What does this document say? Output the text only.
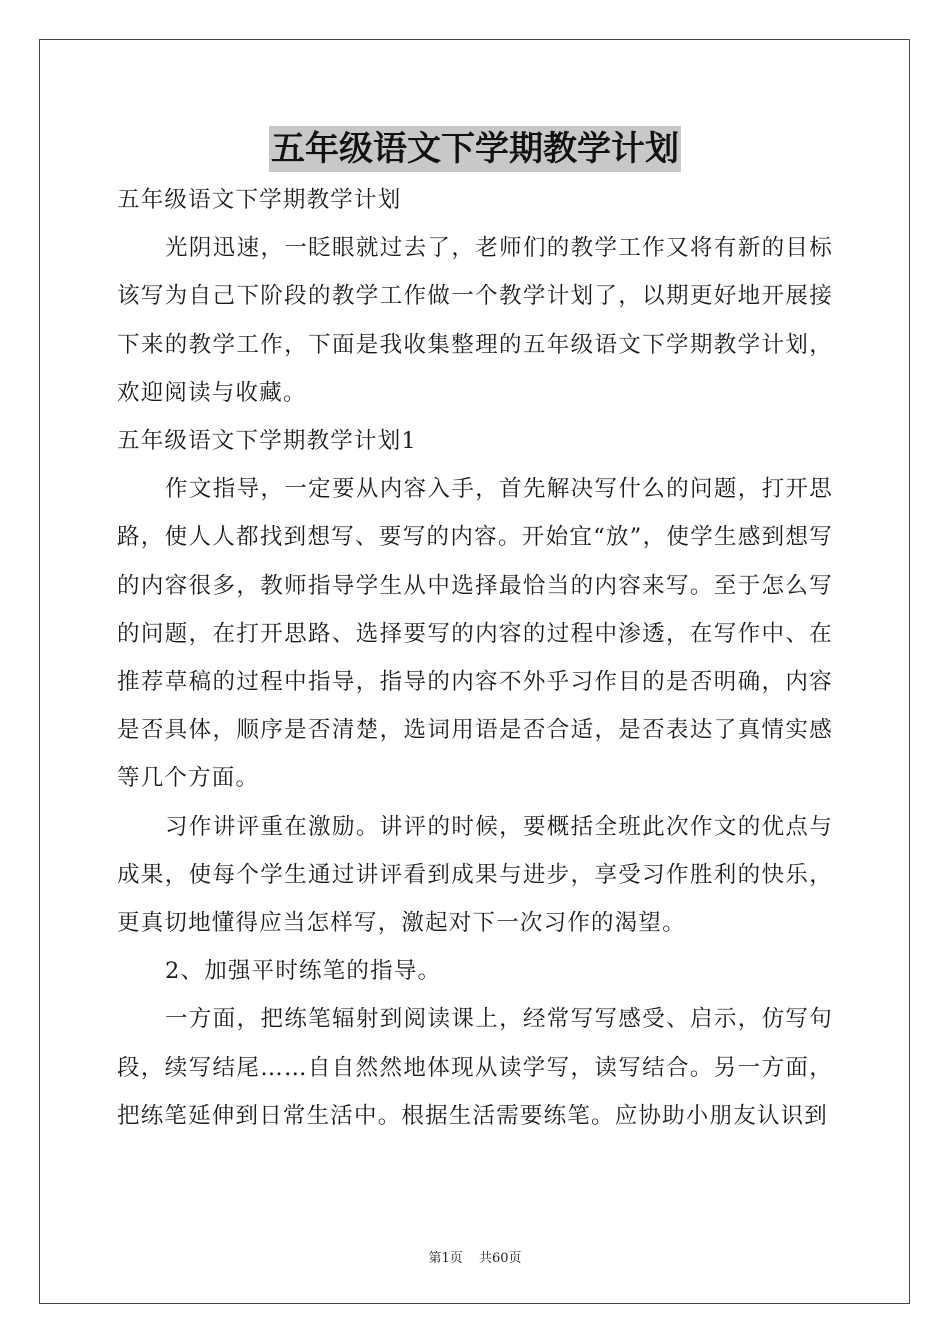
五年级语文下学期教学计划

五年级语文下学期教学计划

光阴迅速，一眨眼就过去了，老师们的教学工作又将有新的目标该写为自己下阶段的教学工作做一个教学计划了，以期更好地开展接下来的教学工作，下面是我收集整理的五年级语文下学期教学计划，欢迎阅读与收藏。

五年级语文下学期教学计划1

作文指导，一定要从内容入手，首先解决写什么的问题，打开思路，使人人都找到想写、要写的内容。开始宜“放”，使学生感到想写的内容很多，教师指导学生从中选择最恰当的内容来写。至于怎么写的问题，在打开思路、选择要写的内容的过程中渗透，在写作中、在推荐草稿的过程中指导，指导的内容不外乎习作目的是否明确，内容是否具体，顺序是否清楚，选词用语是否合适，是否表达了真情实感等几个方面。

习作讲评重在激励。讲评的时候，要概括全班此次作文的优点与成果，使每个学生通过讲评看到成果与进步，享受习作胜利的快乐，更真切地懂得应当怎样写，激起对下一次习作的渴望。

2、加强平时练笔的指导。

一方面，把练笔辐射到阅读课上，经常写写感受、启示，仿写句段，续写结尾……自自然然地体现从读学写，读写结合。另一方面，把练笔延伸到日常生活中。根据生活需要练笔。应协助小朋友认识到

第1页 共60页
